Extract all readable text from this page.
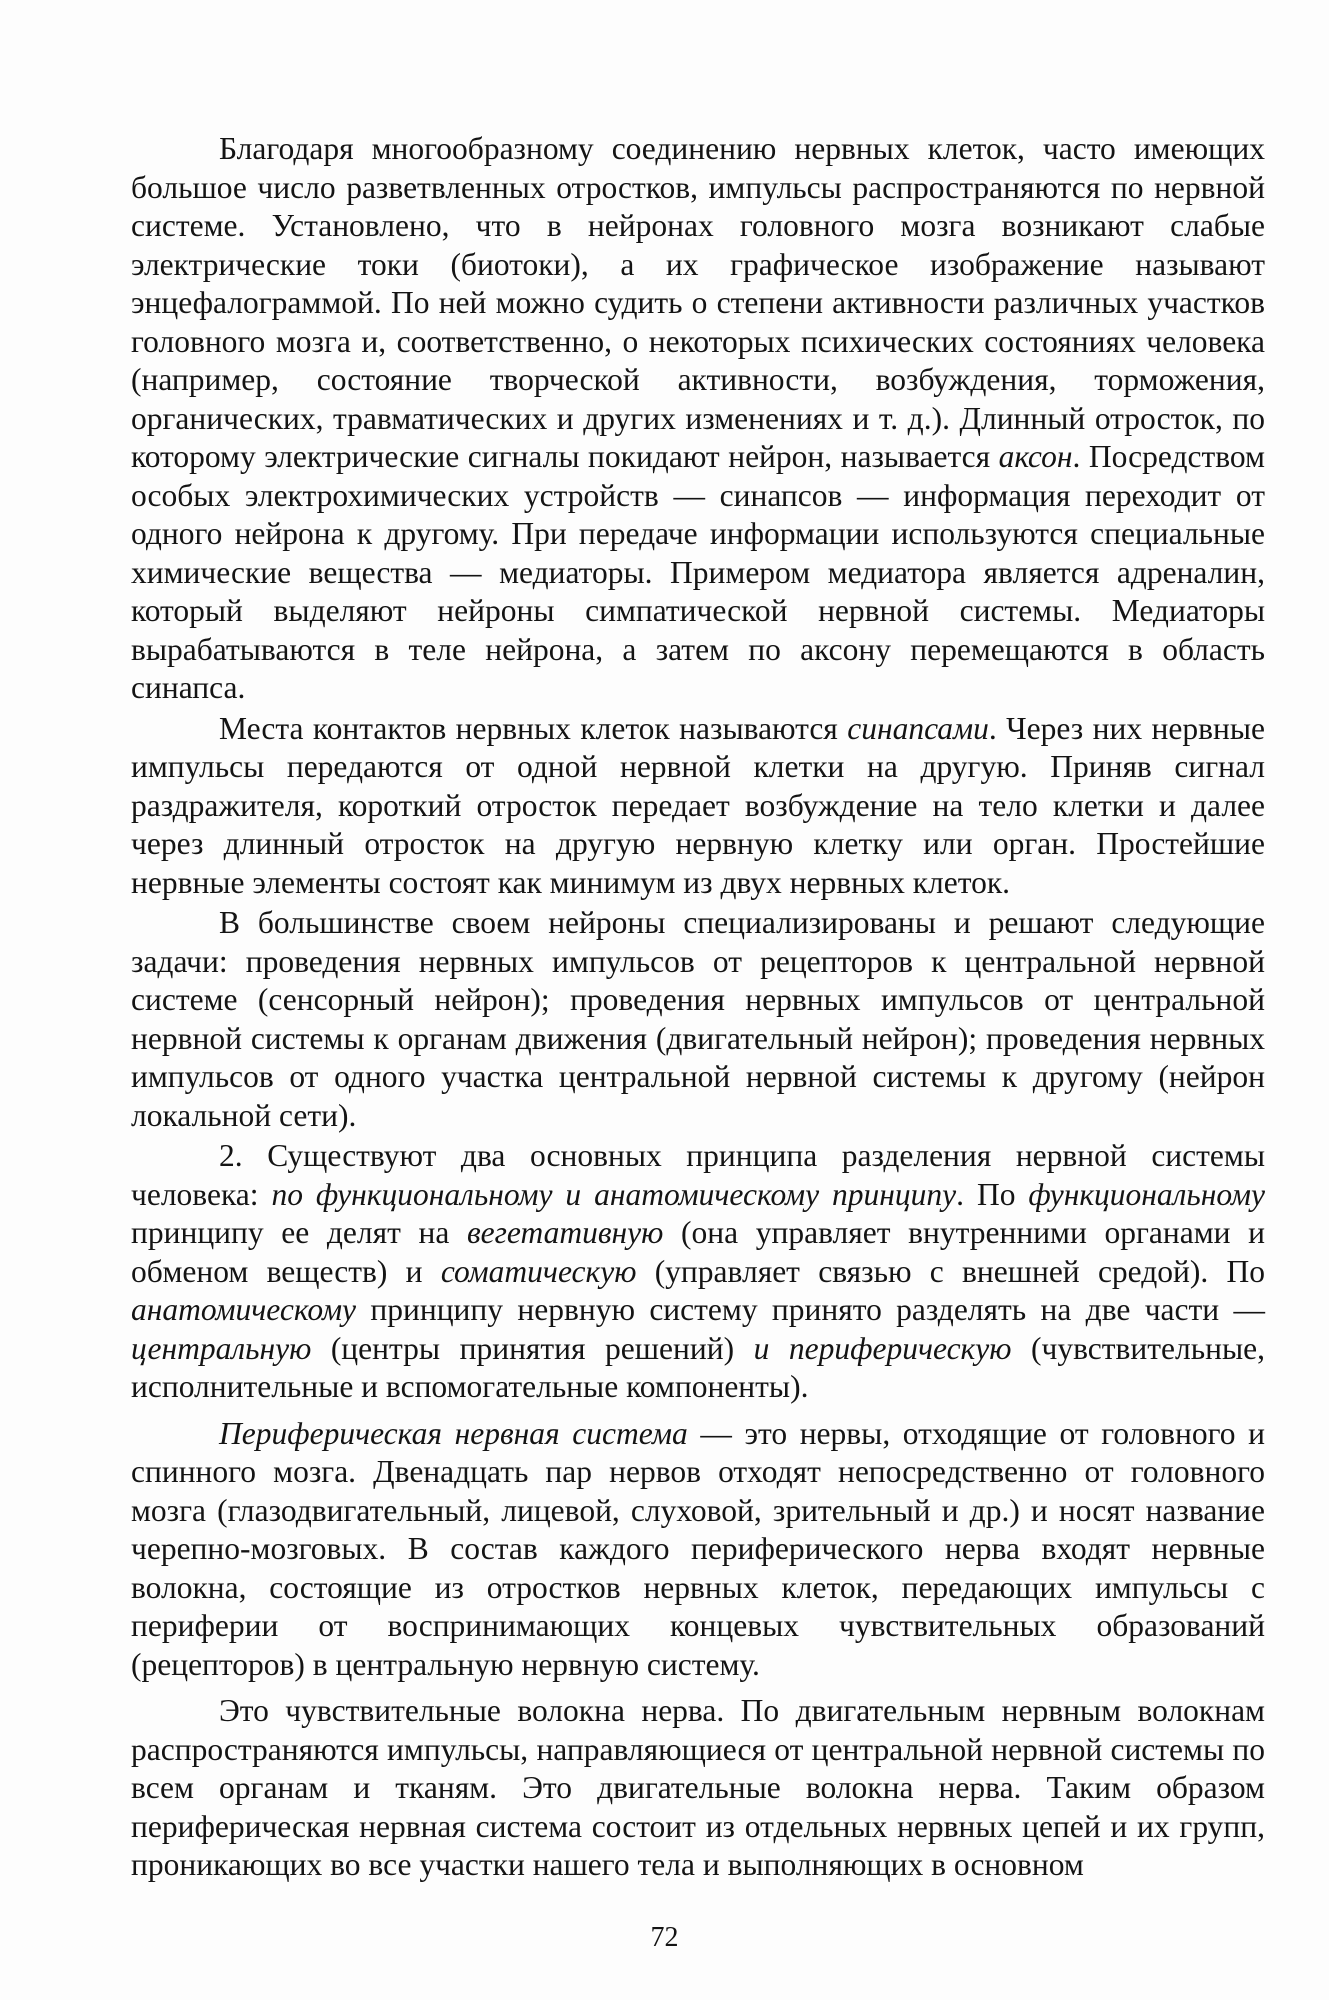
Благодаря многообразному соединению нервных клеток, часто имеющих большое число разветвленных отростков, импульсы распространяются по нервной системе. Установлено, что в нейронах головного мозга возникают слабые электрические токи (биотоки), а их графическое изображение называют энцефалограммой. По ней можно судить о степени активности различных участков головного мозга и, соответственно, о некоторых психических состояниях человека (например, состояние творческой активности, возбуждения, торможения, органических, травматических и других изменениях и т. д.). Длинный отросток, по которому электрические сигналы покидают нейрон, называется аксон. Посредством особых электрохимических устройств — синапсов — информация переходит от одного нейрона к другому. При передаче информации используются специальные химические вещества — медиаторы. Примером медиатора является адреналин, который выделяют нейроны симпатической нервной системы. Медиаторы вырабатываются в теле нейрона, а затем по аксону перемещаются в область синапса.

Места контактов нервных клеток называются синапсами. Через них нервные импульсы передаются от одной нервной клетки на другую. Приняв сигнал раздражителя, короткий отросток передает возбуждение на тело клетки и далее через длинный отросток на другую нервную клетку или орган. Простейшие нервные элементы состоят как минимум из двух нервных клеток.

В большинстве своем нейроны специализированы и решают следующие задачи: проведения нервных импульсов от рецепторов к центральной нервной системе (сенсорный нейрон); проведения нервных импульсов от центральной нервной системы к органам движения (двигательный нейрон); проведения нервных импульсов от одного участка центральной нервной системы к другому (нейрон локальной сети).

2. Существуют два основных принципа разделения нервной системы человека: по функциональному и анатомическому принципу. По функциональному принципу ее делят на вегетативную (она управляет внутренними органами и обменом веществ) и соматическую (управляет связью с внешней средой). По анатомическому принципу нервную систему принято разделять на две части — центральную (центры принятия решений) и периферическую (чувствительные, исполнительные и вспомогательные компоненты).

Периферическая нервная система — это нервы, отходящие от головного и спинного мозга. Двенадцать пар нервов отходят непосредственно от головного мозга (глазодвигательный, лицевой, слуховой, зрительный и др.) и носят название черепно-мозговых. В состав каждого периферического нерва входят нервные волокна, состоящие из отростков нервных клеток, передающих импульсы с периферии от воспринимающих концевых чувствительных образований (рецепторов) в центральную нервную систему.

Это чувствительные волокна нерва. По двигательным нервным волокнам распространяются импульсы, направляющиеся от центральной нервной системы по всем органам и тканям. Это двигательные волокна нерва. Таким образом периферическая нервная система состоит из отдельных нервных цепей и их групп, проникающих во все участки нашего тела и выполняющих в основном

72
